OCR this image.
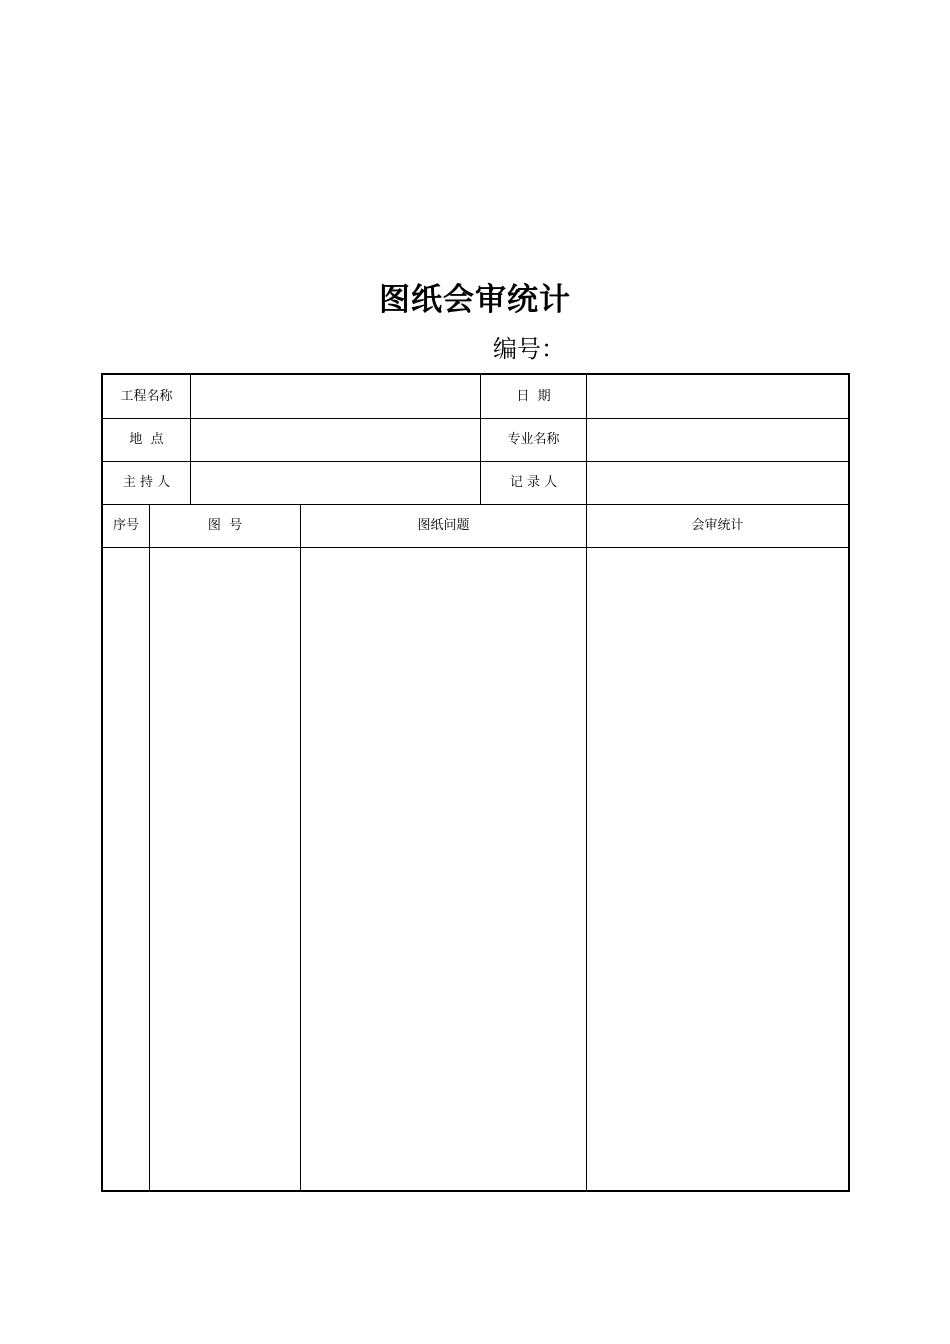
图纸会审统计
编号：
工程名称	日  期
地  点	专业名称
主 持 人	记 录 人
序号	图  号	图纸问题	会审统计
